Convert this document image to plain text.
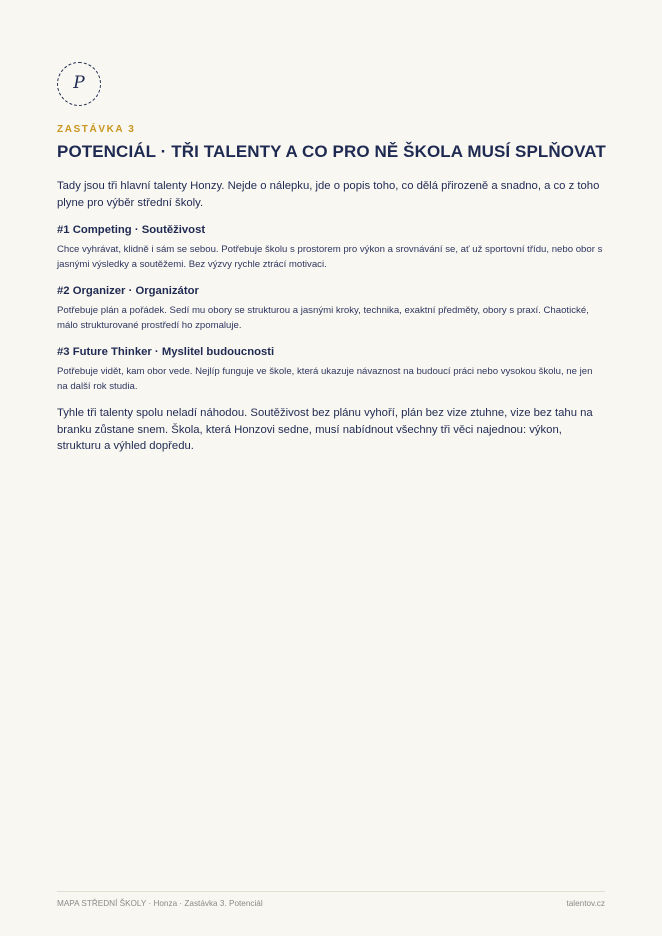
P
ZASTÁVKA 3
POTENCIÁL · TŘI TALENTY A CO PRO NĚ ŠKOLA MUSÍ SPLŇOVAT

Tady jsou tři hlavní talenty Honzy. Nejde o nálepku, jde o popis toho, co dělá přirozeně a snadno, a co z toho plyne pro výběr střední školy.

#1 Competing · Soutěživost

Chce vyhrávat, klidně i sám se sebou. Potřebuje školu s prostorem pro výkon a srovnávání se, ať už sportovní třídu, nebo obor s jasnými výsledky a soutěžemi. Bez výzvy rychle ztrácí motivaci.

#2 Organizer · Organizátor

Potřebuje plán a pořádek. Sedí mu obory se strukturou a jasnými kroky, technika, exaktní předměty, obory s praxí. Chaotické, málo strukturované prostředí ho zpomaluje.

#3 Future Thinker · Myslitel budoucnosti

Potřebuje vidět, kam obor vede. Nejlíp funguje ve škole, která ukazuje návaznost na budoucí práci nebo vysokou školu, ne jen na další rok studia.

Tyhle tři talenty spolu neladí náhodou. Soutěživost bez plánu vyhoří, plán bez vize ztuhne, vize bez tahu na branku zůstane snem. Škola, která Honzovi sedne, musí nabídnout všechny tři věci najednou: výkon, strukturu a výhled dopředu.

MAPA STŘEDNÍ ŠKOLY · Honza · Zastávka 3. Potenciál	talentov.cz
